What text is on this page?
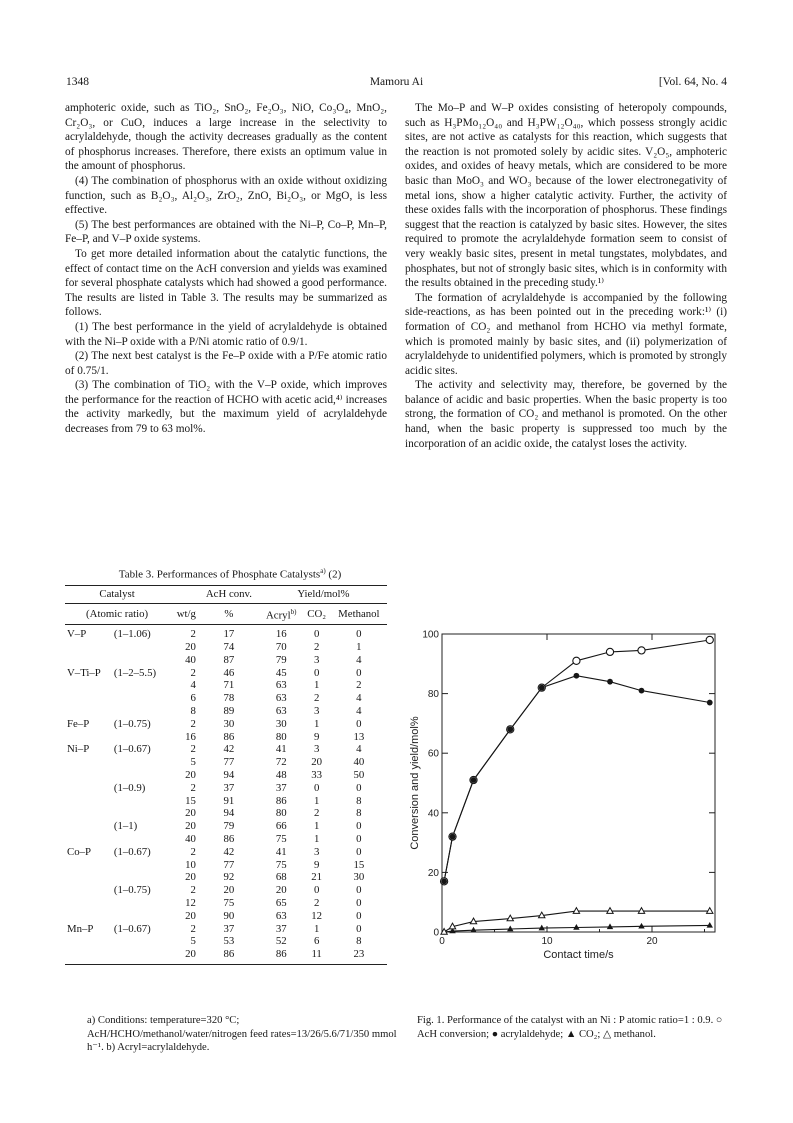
1348	Mamoru Ai	[Vol. 64, No. 4

amphoteric oxide, such as TiO₂, SnO₂, Fe₂O₃, NiO, Co₃O₄, MnO₂, Cr₂O₃, or CuO, induces a large increase in the selectivity to acrylaldehyde, though the activity decreases gradually as the content of phosphorus increases. Therefore, there exists an optimum value in the amount of phosphorus.

(4) The combination of phosphorus with an oxide without oxidizing function, such as B₂O₃, Al₂O₃, ZrO₂, ZnO, Bi₂O₃, or MgO, is less effective.

(5) The best performances are obtained with the Ni–P, Co–P, Mn–P, Fe–P, and V–P oxide systems.

To get more detailed information about the catalytic functions, the effect of contact time on the AcH conversion and yields was examined for several phosphate catalysts which had showed a good performance. The results are listed in Table 3. The results may be summarized as follows.

(1) The best performance in the yield of acrylaldehyde is obtained with the Ni–P oxide with a P/Ni atomic ratio of 0.9/1.

(2) The next best catalyst is the Fe–P oxide with a P/Fe atomic ratio of 0.75/1.

(3) The combination of TiO₂ with the V–P oxide, which improves the performance for the reaction of HCHO with acetic acid,⁴⁾ increases the activity markedly, but the maximum yield of acrylaldehyde decreases from 79 to 63 mol%.

The Mo–P and W–P oxides consisting of heteropoly compounds, such as H₃PMo₁₂O₄₀ and H₃PW₁₂O₄₀, which possess strongly acidic sites, are not active as catalysts for this reaction, which suggests that the reaction is not promoted solely by acidic sites. V₂O₅, amphoteric oxides, and oxides of heavy metals, which are considered to be more basic than MoO₃ and WO₃ because of the lower electronegativity of metal ions, show a higher catalytic activity. Further, the activity of these oxides falls with the incorporation of phosphorus. These findings suggest that the reaction is catalyzed by basic sites. However, the sites required to promote the acrylaldehyde formation seem to consist of very weakly basic sites, present in metal tungstates, molybdates, and phosphates, but not of strongly basic sites, which is in conformity with the results obtained in the preceding study.¹⁾

The formation of acrylaldehyde is accompanied by the following side-reactions, as has been pointed out in the preceding work:¹⁾ (i) formation of CO₂ and methanol from HCHO via methyl formate, which is promoted mainly by basic sites, and (ii) polymerization of acrylaldehyde to unidentified polymers, which is promoted by strongly acidic sites.

The activity and selectivity may, therefore, be governed by the balance of acidic and basic properties. When the basic property is too strong, the formation of CO₂ and methanol is promoted. On the other hand, when the basic property is suppressed too much by the incorporation of an acidic oxide, the catalyst loses the activity.

Table 3. Performances of Phosphate Catalysts$^{a)}$ (2)
Catalyst			AcH conv.	Yield/mol%		
(Atomic ratio)		wt/g	%	Acryl$^{b)}$	CO₂	Methanol
V–P	(1–1.06)	2	17	16	0	0
		20	74	70	2	1
		40	87	79	3	4
V–Ti–P	(1–2–5.5)	2	46	45	0	0
		4	71	63	1	2
		6	78	63	2	4
		8	89	63	3	4
Fe–P	(1–0.75)	2	30	30	1	0
		16	86	80	9	13
Ni–P	(1–0.67)	2	42	41	3	4
		5	77	72	20	40
		20	94	48	33	50
	(1–0.9)	2	37	37	0	0
		15	91	86	1	8
		20	94	80	2	8
	(1–1)	20	79	66	1	0
		40	86	75	1	0
Co–P	(1–0.67)	2	42	41	3	0
		10	77	75	9	15
		20	92	68	21	30
	(1–0.75)	2	20	20	0	0
		12	75	65	2	0
		20	90	63	12	0
Mn–P	(1–0.67)	2	37	37	1	0
		5	53	52	6	8
		20	86	86	11	23
a) Conditions: temperature=320 °C; AcH/HCHO/methanol/water/nitrogen feed rates=13/26/5.6/71/350 mmol h⁻¹. b) Acryl=acrylaldehyde.
0
20
40
60
80
100
0	10	20
Contact time/s
Conversion and yield/mol%
Fig. 1. Performance of the catalyst with an Ni : P atomic ratio=1 : 0.9. ○ AcH conversion; ● acrylaldehyde; ▲ CO₂; △ methanol.
